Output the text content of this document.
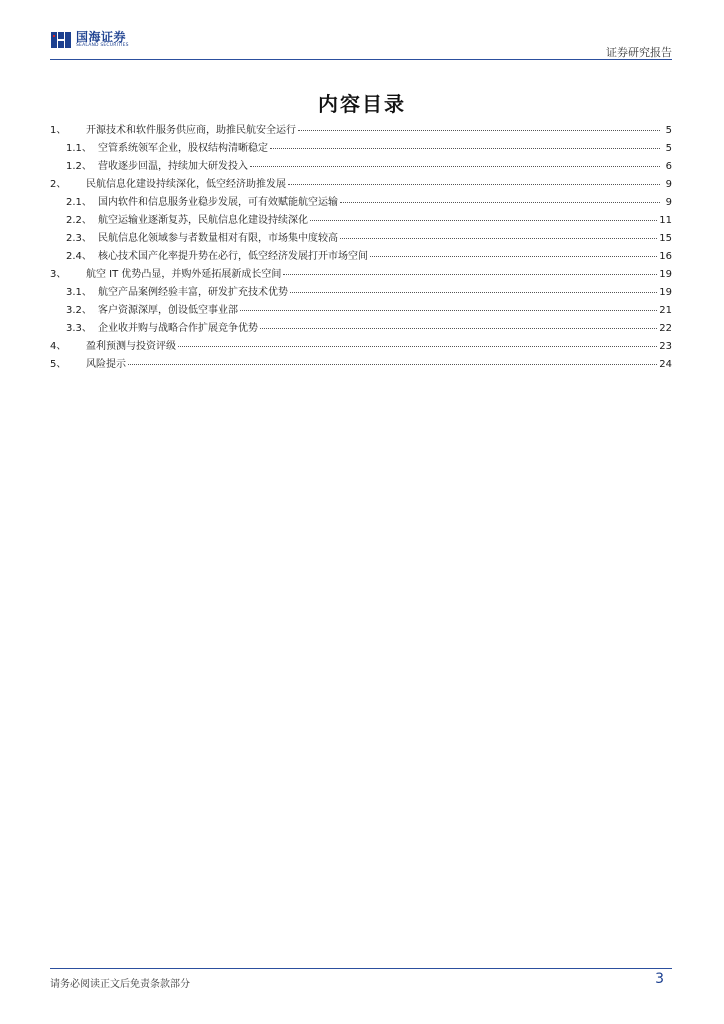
国海证券
SEALAND SECURITIES
证券研究报告
内容目录
1、	开源技术和软件服务供应商，助推民航安全运行	5
1.1、 空管系统领军企业，股权结构清晰稳定	5
1.2、 营收逐步回温，持续加大研发投入	6
2、	民航信息化建设持续深化，低空经济助推发展	9
2.1、 国内软件和信息服务业稳步发展，可有效赋能航空运输	9
2.2、 航空运输业逐渐复苏，民航信息化建设持续深化	11
2.3、 民航信息化领域参与者数量相对有限，市场集中度较高	15
2.4、 核心技术国产化率提升势在必行，低空经济发展打开市场空间	16
3、	航空 IT 优势凸显，并购外延拓展新成长空间	19
3.1、 航空产品案例经验丰富，研发扩充技术优势	19
3.2、 客户资源深厚，创设低空事业部	21
3.3、 企业收并购与战略合作扩展竞争优势	22
4、	盈利预测与投资评级	23
5、	风险提示	24
请务必阅读正文后免责条款部分	3
